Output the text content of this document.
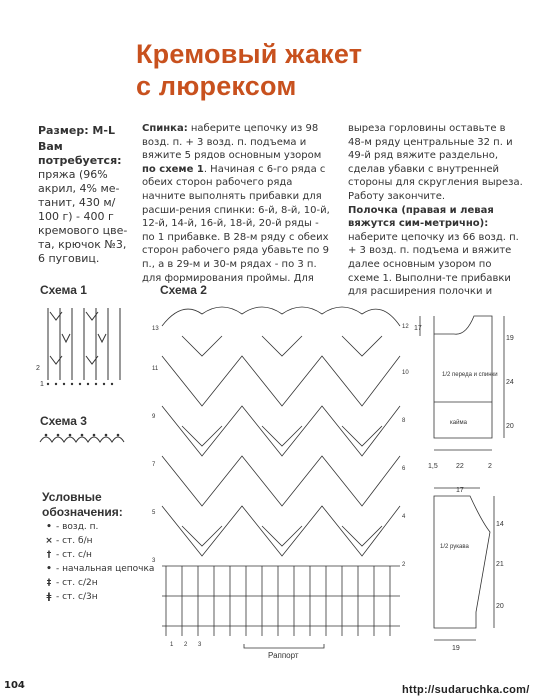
Кремовый жакет
с люрексом
Размер: M-L
Вам потребуется:
пряжа (96% акрил, 4% ме-танит, 430 м/ 100 г) - 400 г кремового цве-та, крючок №3, 6 пуговиц.
Спинка: наберите цепочку из 98 возд. п. + 3 возд. п. подъема и вяжите 5 рядов основным узором по схеме 1. Начиная с 6-го ряда с обеих сторон рабочего ряда начните выполнять прибавки для расши-рения спинки: 6-й, 8-й, 10-й, 12-й, 14-й, 16-й, 18-й, 20-й ряды - по 1 прибавке. В 28-м ряду с обеих сторон рабочего ряда убавьте по 9 п., а в 29-м и 30-м рядах - по 3 п. для формирования проймы. Для
выреза горловины оставьте в 48-м ряду центральные 32 п. и 49-й ряд вяжите раздельно, сделав убавки с внутренней стороны для скругления выреза. Работу закончите.
Полочка (правая и левая вяжутся сим-метрично): наберите цепочку из 66 возд. п. + 3 возд. п. подъема и вяжите далее основным узором по схеме 1. Выполни-те прибавки для расширения полочки и
Схема 1	Схема 2
Схема 3
2
1
Условные обозначения:
• - возд. п.
× - ст. б/н
† - ст. с/н
• - начальная цепочка
‡ - ст. с/2н
ǂ - ст. с/3н
13
11
9
7
5
3
12
10
8
6
4
2
1 2 3
Раппорт
17
19
24
20
1,5	22	2
1/2 переда и спинки
кайма
17
14
21
20
19
1/2 рукава
104	http://sudaruchka.com/
